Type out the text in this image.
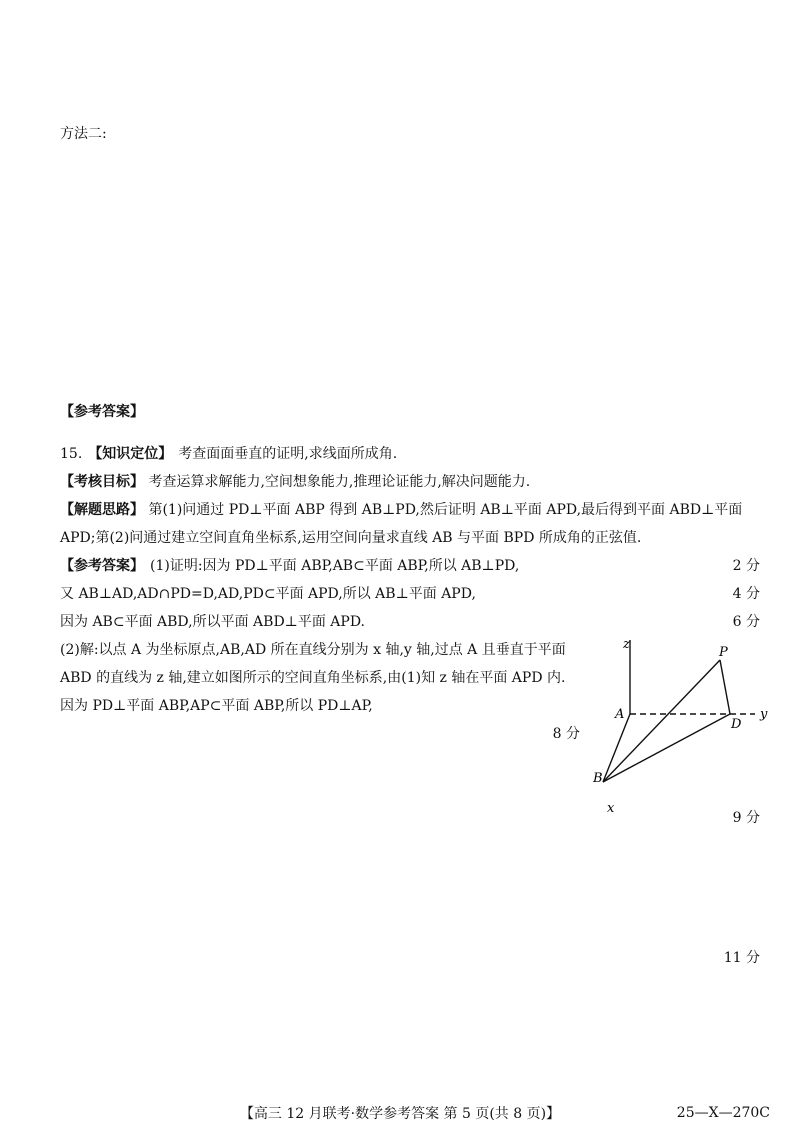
方法二:
【参考答案】
15. 【知识定位】 考查面面垂直的证明,求线面所成角.
【考核目标】 考查运算求解能力,空间想象能力,推理论证能力,解决问题能力.
【解题思路】 第(1)问通过 PD⊥平面 ABP 得到 AB⊥PD,然后证明 AB⊥平面 APD,最后得到平面 ABD⊥平面 APD;第(2)问通过建立空间直角坐标系,运用空间向量求直线 AB 与平面 BPD 所成角的正弦值.
【参考答案】 (1)证明:因为 PD⊥平面 ABP,AB⊂平面 ABP,所以 AB⊥PD,	2 分
又 AB⊥AD,AD∩PD=D,AD,PD⊂平面 APD,所以 AB⊥平面 APD,	4 分
因为 AB⊂平面 ABD,所以平面 ABD⊥平面 APD.	6 分
(2)解:以点 A 为坐标原点,AB,AD 所在直线分别为 x 轴,y 轴,过点 A 且垂直于平面 ABD 的直线为 z 轴,建立如图所示的空间直角坐标系,由(1)知 z 轴在平面 APD 内.
因为 PD⊥平面 ABP,AP⊂平面 ABP,所以 PD⊥AP,
8 分
9 分
11 分
z
y
x
A
B
D
P
【高三 12 月联考·数学参考答案 第 5 页(共 8 页)】	25—X—270C
